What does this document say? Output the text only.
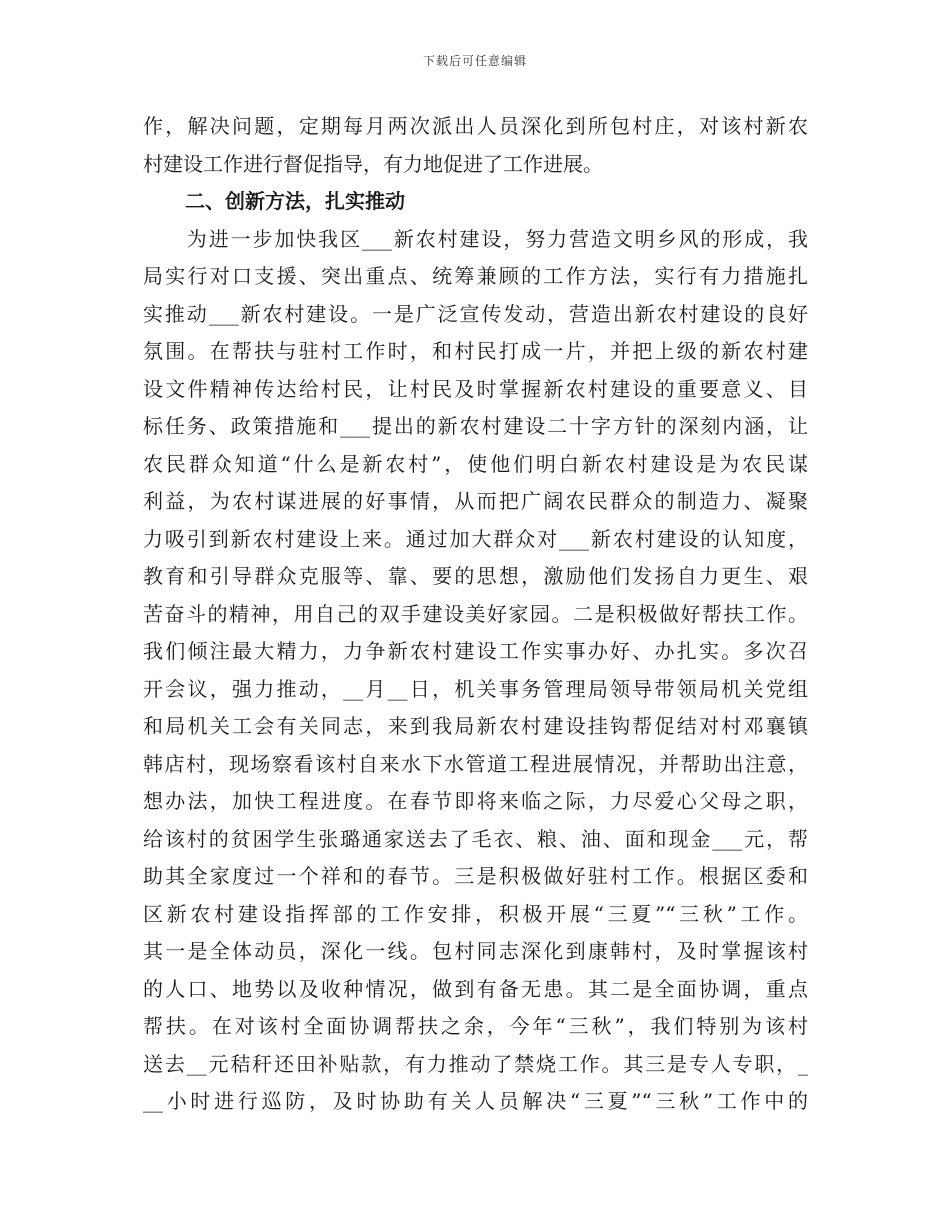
下载后可任意编辑
作，解决问题，定期每月两次派出人员深化到所包村庄，对该村新农
村建设工作进行督促指导，有力地促进了工作进展。
二、创新方法，扎实推动
　　为进一步加快我区___新农村建设，努力营造文明乡风的形成，我
局实行对口支援、突出重点、统筹兼顾的工作方法，实行有力措施扎
实推动___新农村建设。一是广泛宣传发动，营造出新农村建设的良好
氛围。在帮扶与驻村工作时，和村民打成一片，并把上级的新农村建
设文件精神传达给村民，让村民及时掌握新农村建设的重要意义、目
标任务、政策措施和___提出的新农村建设二十字方针的深刻内涵，让
农民群众知道“什么是新农村”，使他们明白新农村建设是为农民谋
利益，为农村谋进展的好事情，从而把广阔农民群众的制造力、凝聚
力吸引到新农村建设上来。通过加大群众对___新农村建设的认知度，
教育和引导群众克服等、靠、要的思想，激励他们发扬自力更生、艰
苦奋斗的精神，用自己的双手建设美好家园。二是积极做好帮扶工作。
我们倾注最大精力，力争新农村建设工作实事办好、办扎实。多次召
开会议，强力推动，__月__日，机关事务管理局领导带领局机关党组
和局机关工会有关同志，来到我局新农村建设挂钩帮促结对村邓襄镇
韩店村，现场察看该村自来水下水管道工程进展情况，并帮助出注意，
想办法，加快工程进度。在春节即将来临之际，力尽爱心父母之职，
给该村的贫困学生张璐通家送去了毛衣、粮、油、面和现金___元，帮
助其全家度过一个祥和的春节。三是积极做好驻村工作。根据区委和
区新农村建设指挥部的工作安排，积极开展“三夏”“三秋”工作。
其一是全体动员，深化一线。包村同志深化到康韩村，及时掌握该村
的人口、地势以及收种情况，做到有备无患。其二是全面协调，重点
帮扶。在对该村全面协调帮扶之余，今年“三秋”，我们特别为该村
送去__元秸秆还田补贴款，有力推动了禁烧工作。其三是专人专职，_
__小时进行巡防，及时协助有关人员解决“三夏”“三秋”工作中的
